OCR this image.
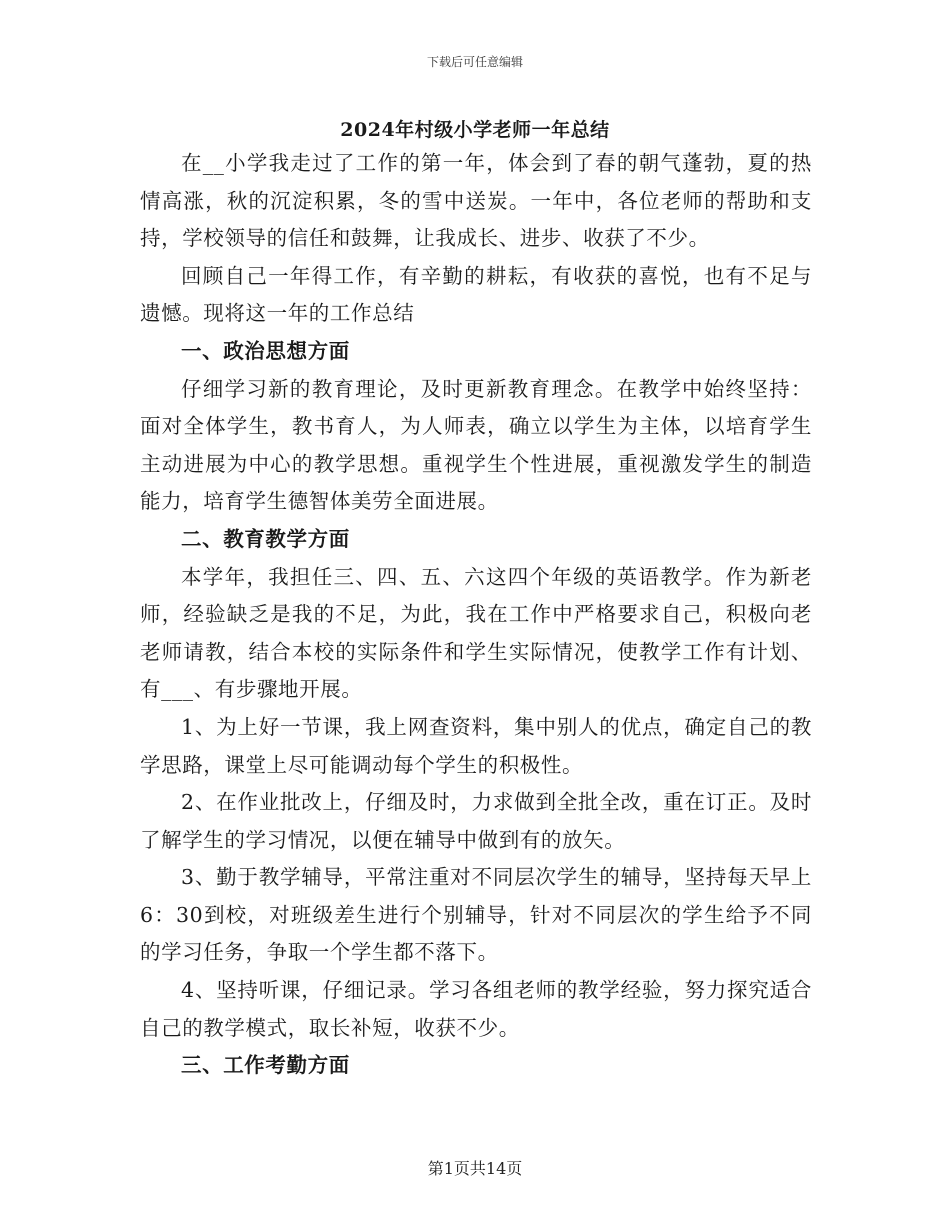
下载后可任意编辑
2024年村级小学老师一年总结

在__小学我走过了工作的第一年，体会到了春的朝气蓬勃，夏的热情高涨，秋的沉淀积累，冬的雪中送炭。一年中，各位老师的帮助和支持，学校领导的信任和鼓舞，让我成长、进步、收获了不少。

回顾自己一年得工作，有辛勤的耕耘，有收获的喜悦，也有不足与遗憾。现将这一年的工作总结

一、政治思想方面

仔细学习新的教育理论，及时更新教育理念。在教学中始终坚持：面对全体学生，教书育人，为人师表，确立以学生为主体，以培育学生主动进展为中心的教学思想。重视学生个性进展，重视激发学生的制造能力，培育学生德智体美劳全面进展。

二、教育教学方面

本学年，我担任三、四、五、六这四个年级的英语教学。作为新老师，经验缺乏是我的不足，为此，我在工作中严格要求自己，积极向老老师请教，结合本校的实际条件和学生实际情况，使教学工作有计划、有___、有步骤地开展。

1、为上好一节课，我上网查资料，集中别人的优点，确定自己的教学思路，课堂上尽可能调动每个学生的积极性。

2、在作业批改上，仔细及时，力求做到全批全改，重在订正。及时了解学生的学习情况，以便在辅导中做到有的放矢。

3、勤于教学辅导，平常注重对不同层次学生的辅导，坚持每天早上6：30到校，对班级差生进行个别辅导，针对不同层次的学生给予不同的学习任务，争取一个学生都不落下。

4、坚持听课，仔细记录。学习各组老师的教学经验，努力探究适合自己的教学模式，取长补短，收获不少。

三、工作考勤方面

第1页共14页
